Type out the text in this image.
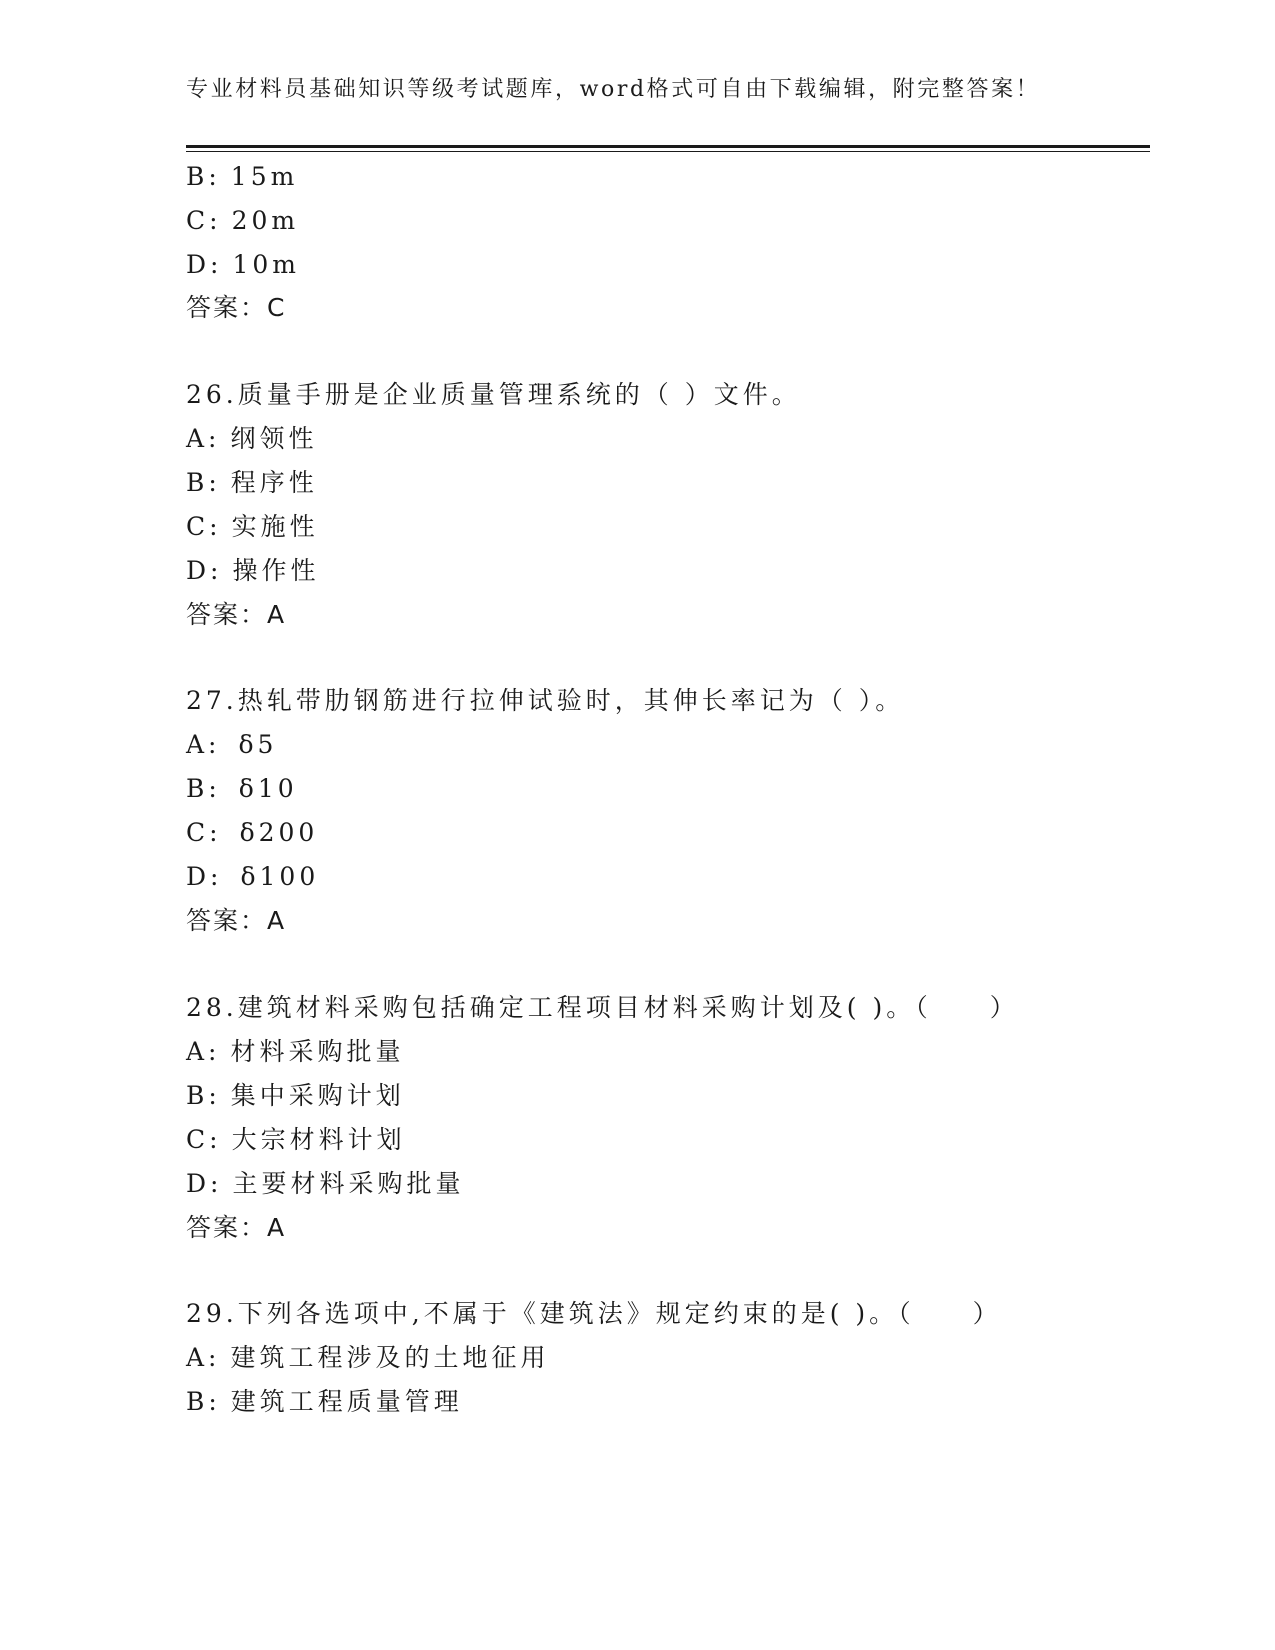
专业材料员基础知识等级考试题库，word格式可自由下载编辑，附完整答案！
B: 15m
C: 20m
D: 10m
答案：C
26.质量手册是企业质量管理系统的（ ）文件。
A: 纲领性
B: 程序性
C: 实施性
D: 操作性
答案：A
27.热轧带肋钢筋进行拉伸试验时，其伸长率记为（ ）。
A: δ5
B: δ10
C: δ200
D: δ100
答案：A
28.建筑材料采购包括确定工程项目材料采购计划及( )。（　　）
A: 材料采购批量
B: 集中采购计划
C: 大宗材料计划
D: 主要材料采购批量
答案：A
29.下列各选项中,不属于《建筑法》规定约束的是( )。（　　）
A: 建筑工程涉及的土地征用
B: 建筑工程质量管理
